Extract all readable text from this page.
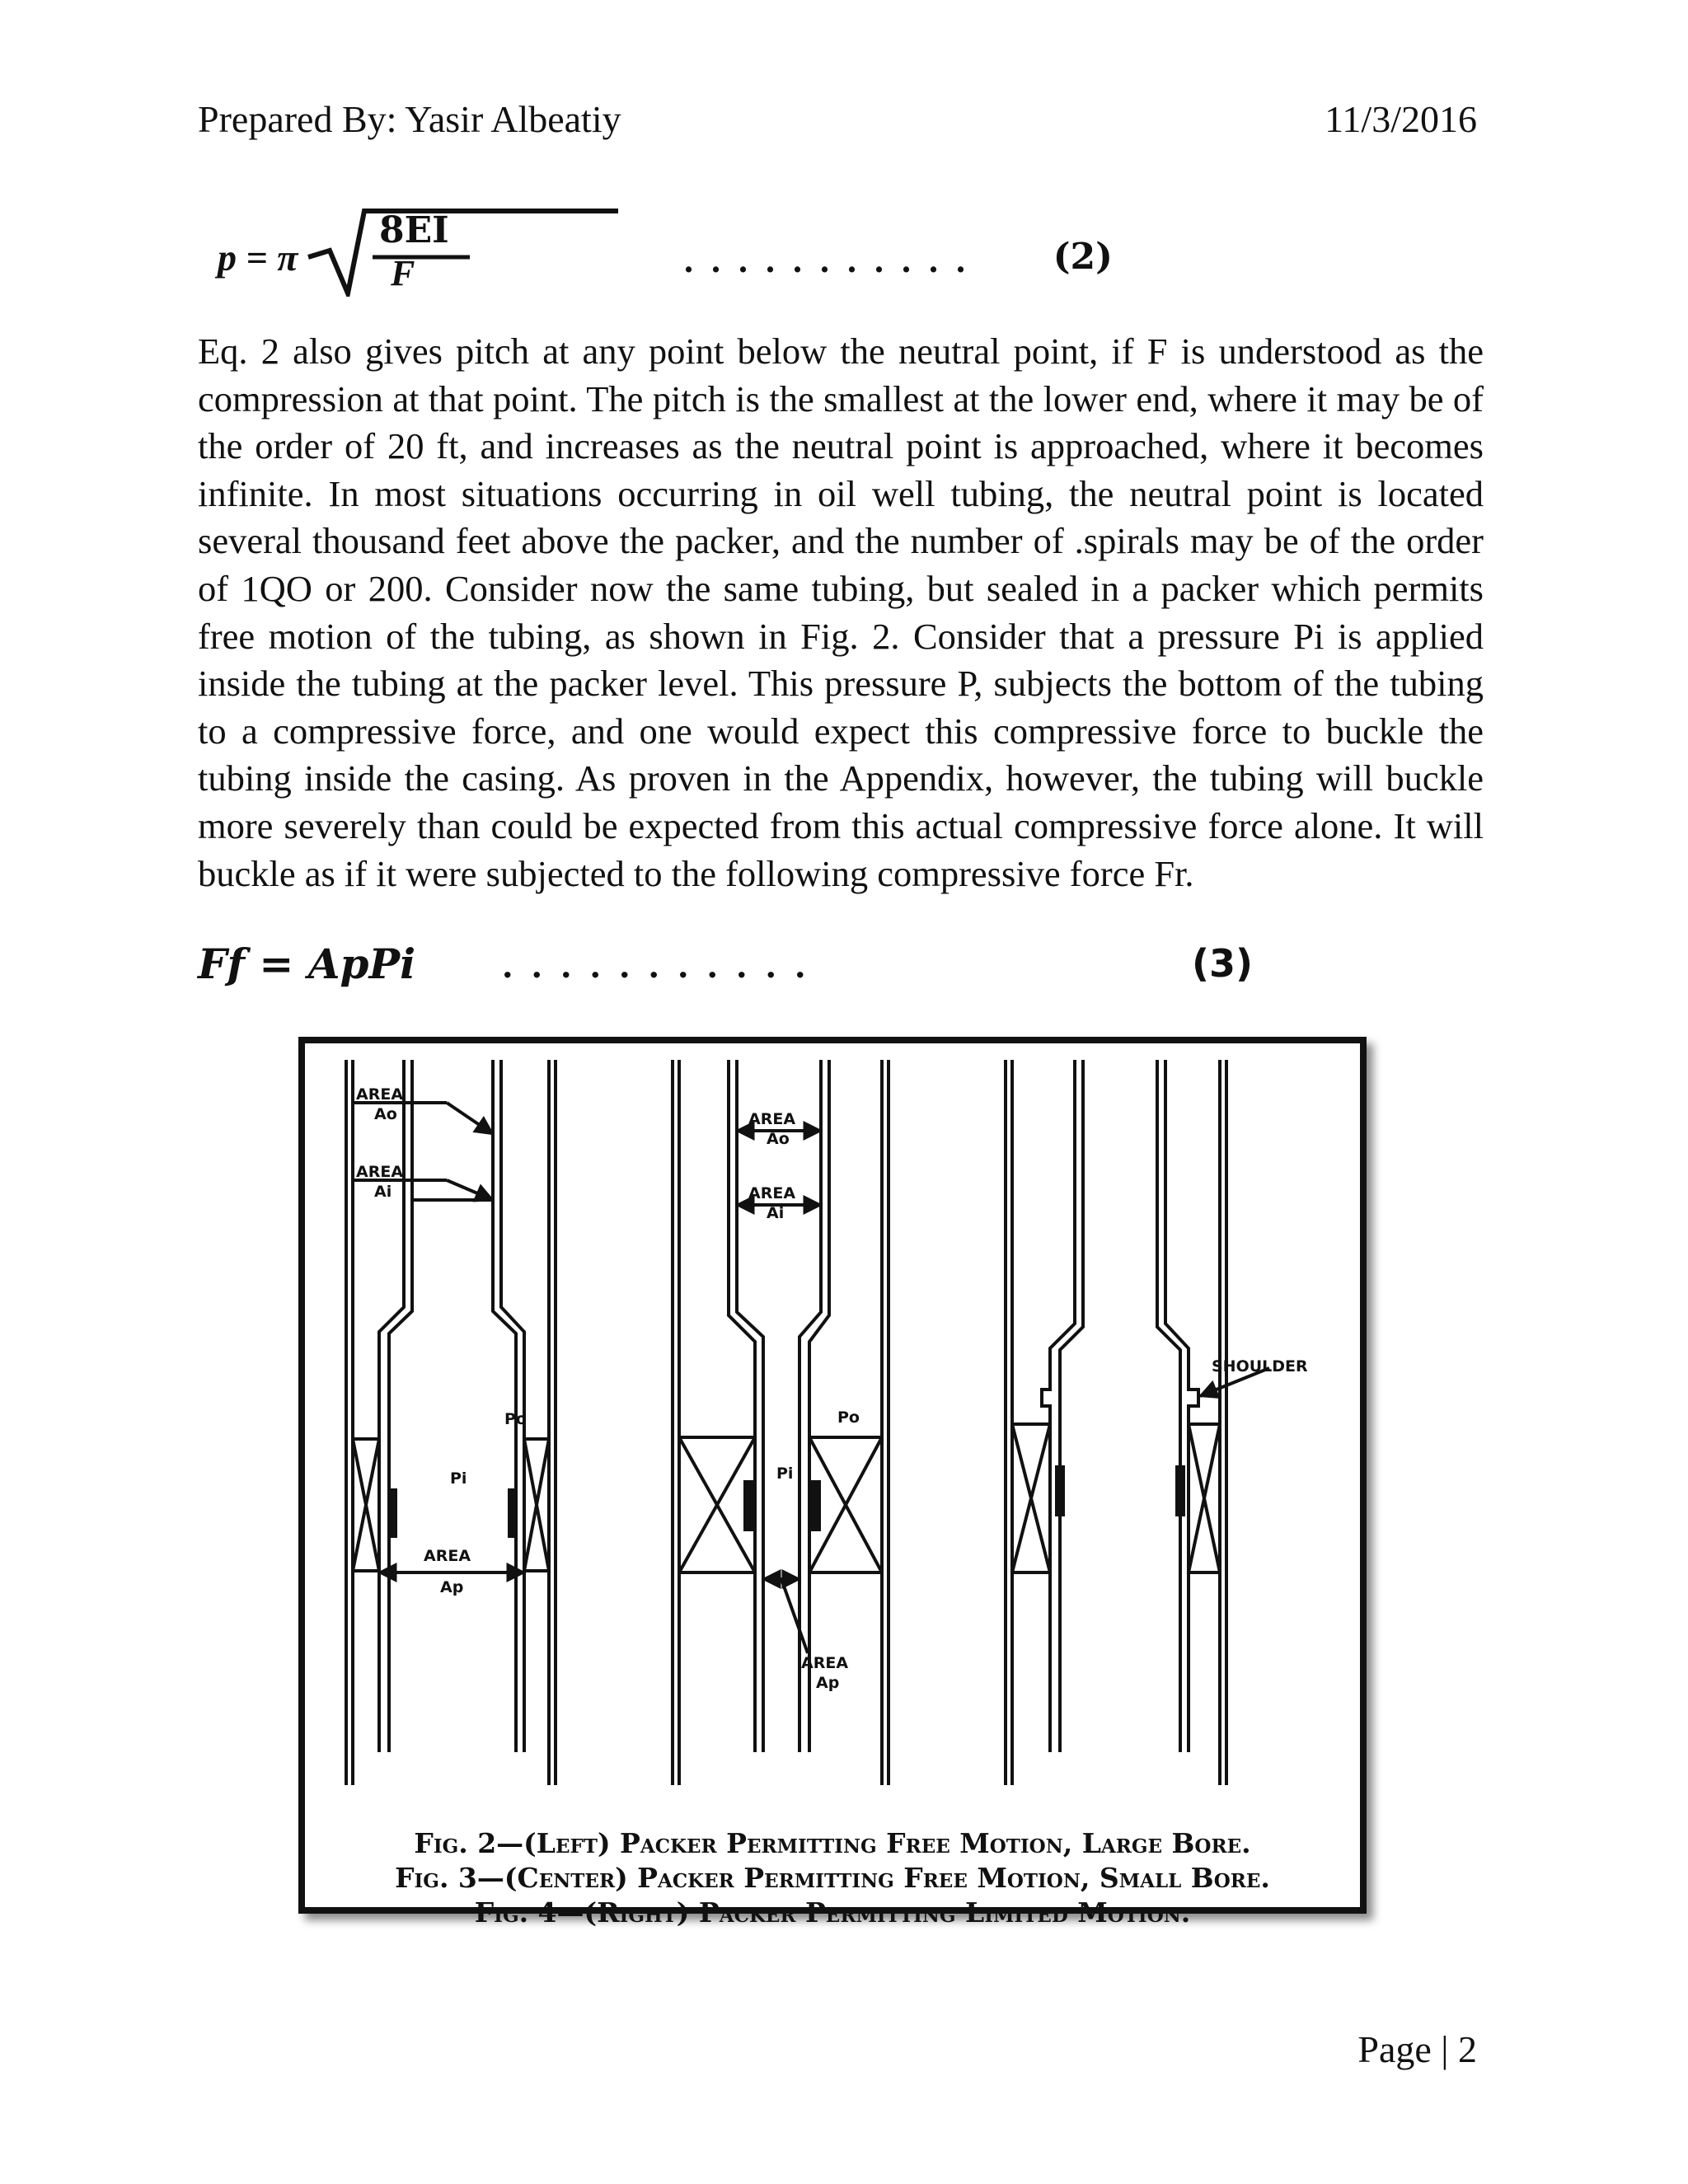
Prepared By: Yasir Albeatiy	11/3/2016
p = π
8EI
F	........... (2)
Eq. 2 also gives pitch at any point below the neutral point, if F is understood as the compression at that point. The pitch is the smallest at the lower end, where it may be of the order of 20 ft, and increases as the neutral point is approached, where it becomes infinite. In most situations occurring in oil well tubing, the neutral point is located several thousand feet above the packer, and the number of .spirals may be of the order of 1QO or 200. Consider now the same tubing, but sealed in a packer which permits free motion of the tubing, as shown in Fig. 2. Consider that a pressure Pi is applied inside the tubing at the packer level. This pressure P, subjects the bottom of the tubing to a compressive force, and one would expect this compressive force to buckle the tubing inside the casing. As proven in the Appendix, however, the tubing will buckle more severely than could be expected from this actual compressive force alone. It will buckle as if it were subjected to the following compressive force Fr.
Ff = ApPi ...........	(3)
AREA
Ao
AREA
Ai
Pi
Po
AREA
Ap
AREA
Ao
AREA
Ai
Pi
Po
AREA
Ap
SHOULDER
Fig. 2—(Left) Packer Permitting Free Motion, Large Bore.
Fig. 3—(Center) Packer Permitting Free Motion, Small Bore.
Fig. 4—(Right) Packer Permitting Limited Motion.
Page | 2
